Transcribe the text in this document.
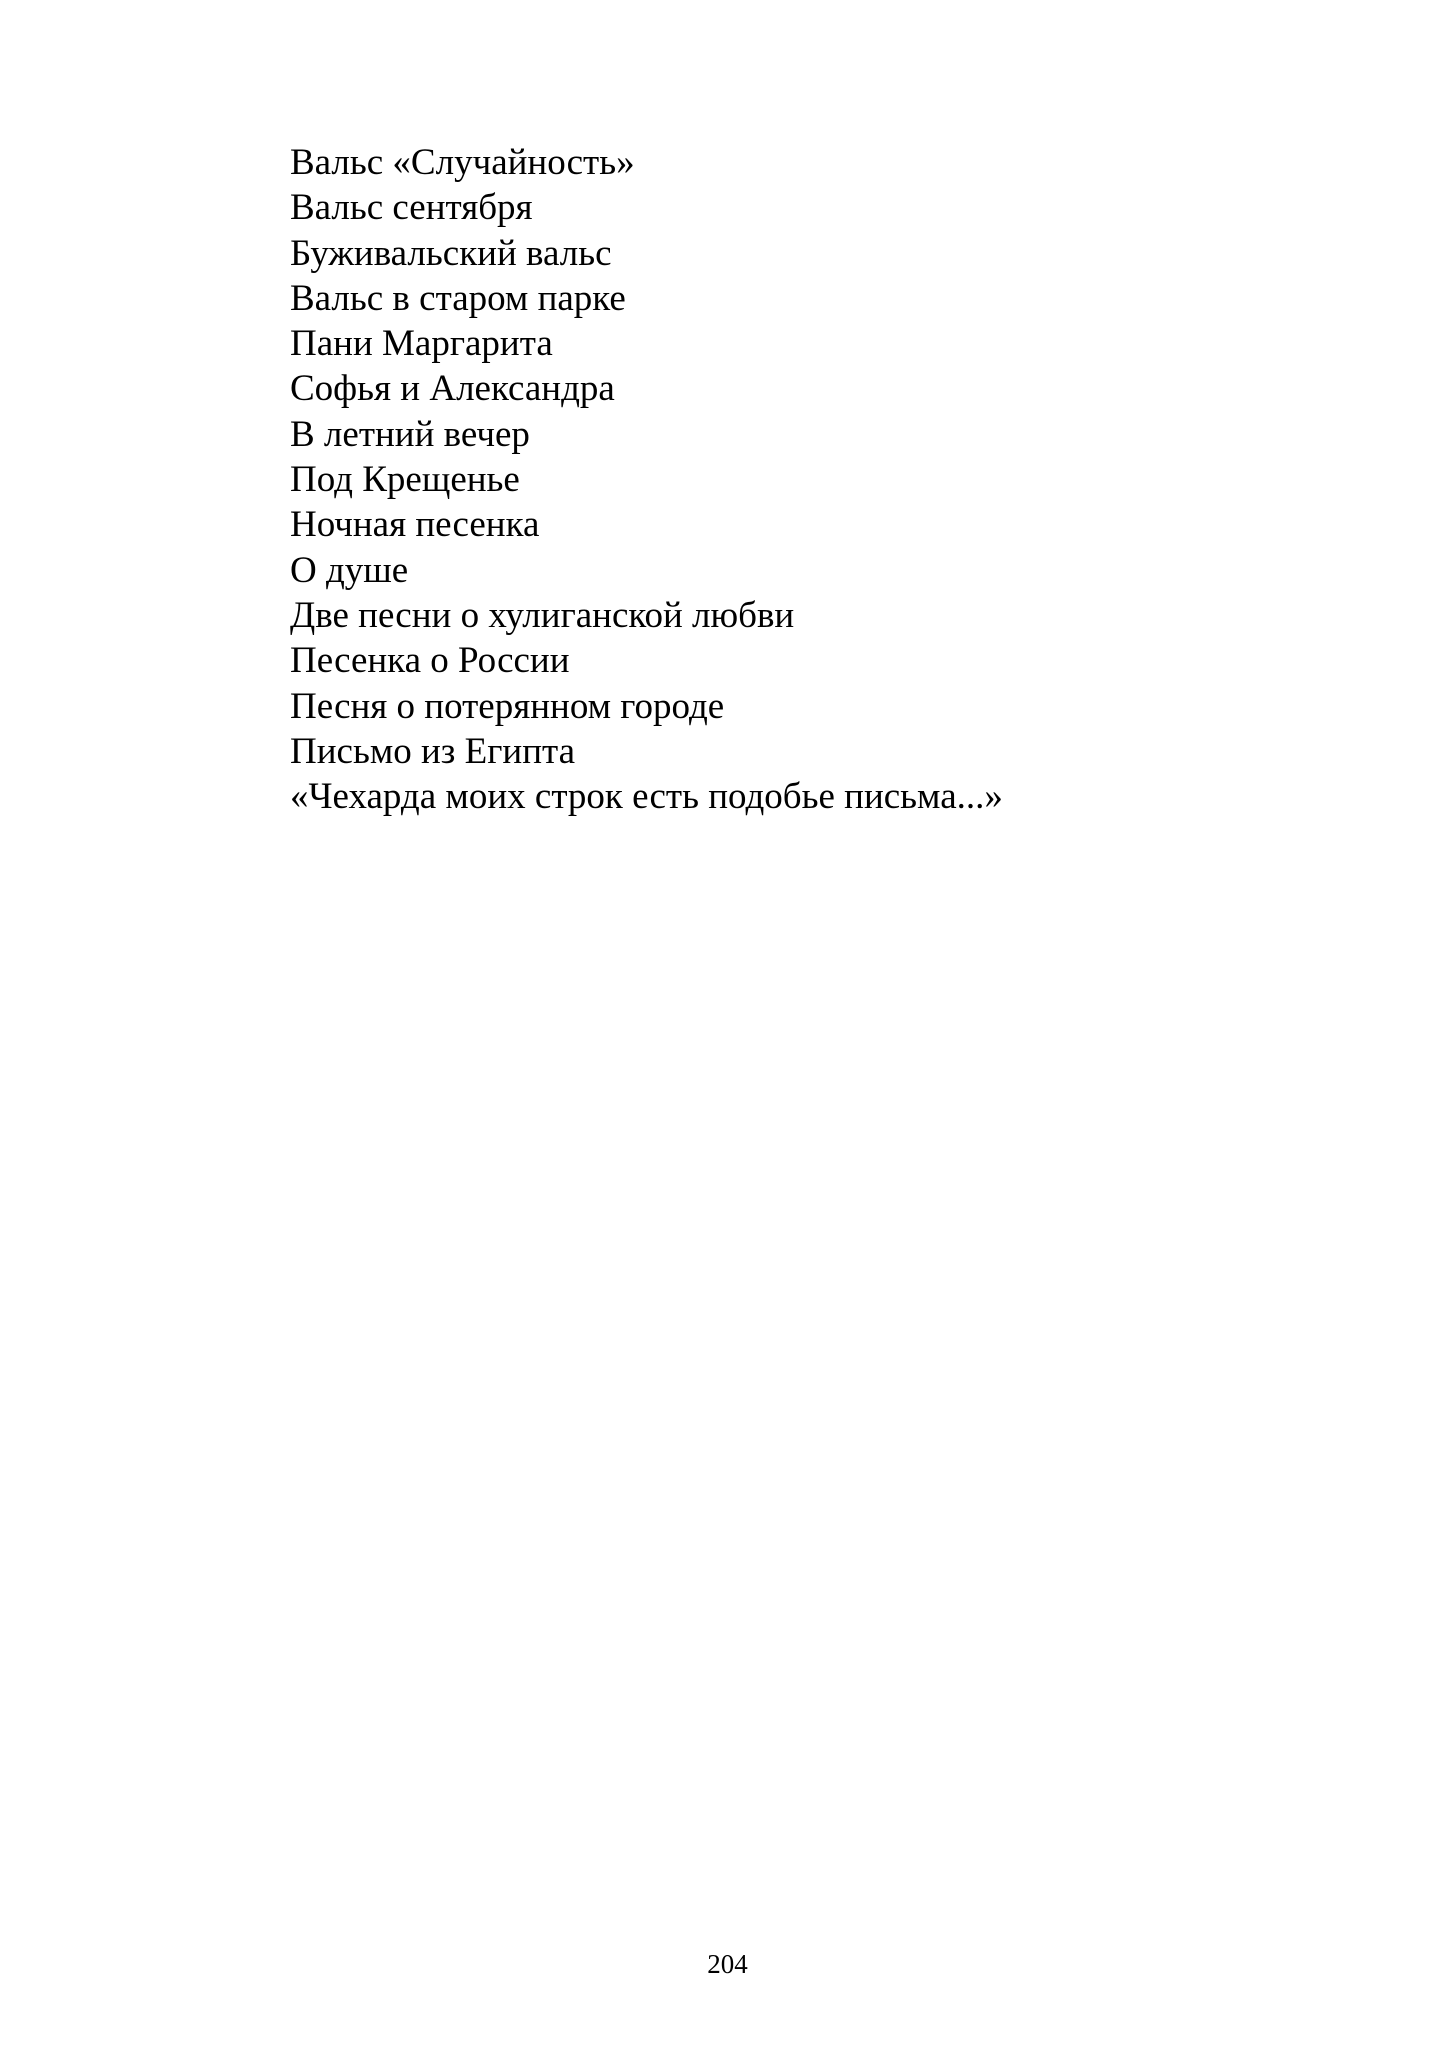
Вальс «Случайность»
Вальс сентября
Буживальский вальс
Вальс в старом парке
Пани Маргарита
Софья и Александра
В летний вечер
Под Крещенье
Ночная песенка
О душе
Две песни о хулиганской любви
Песенка о России
Песня о потерянном городе
Письмо из Египта
«Чехарда моих строк есть подобье письма...»
204
